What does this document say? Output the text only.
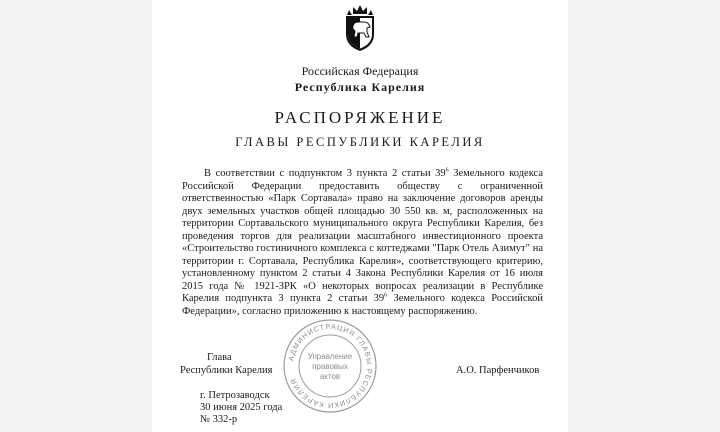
Российская Федерация
Республика Карелия
РАСПОРЯЖЕНИЕ
ГЛАВЫ РЕСПУБЛИКИ КАРЕЛИЯ
В соответствии с подпунктом 3 пункта 2 статьи $39^6$ Земельного кодекса Российской Федерации предоставить обществу с ограниченной ответственностью «Парк Сортавала» право на заключение договоров аренды двух земельных участков общей площадью 30 550 кв. м, расположенных на территории Сортавальского муниципального округа Республики Карелия, без проведения торгов для реализации масштабного инвестиционного проекта «Строительство гостиничного комплекса с коттеджами "Парк Отель Азимут" на территории г. Сортавала, Республика Карелия», соответствующего критерию, установленному пунктом 2 статьи 4 Закона Республики Карелия от 16 июля 2015 года № 1921-ЗРК «О некоторых вопросах реализации в Республике Карелия подпункта 3 пункта 2 статьи $39^6$ Земельного кодекса Российской Федерации», согласно приложению к настоящему распоряжению.
Глава
Республики Карелия	А.О. Парфенчиков
АДМИНИСТРАЦИЯ ГЛАВЫ РЕСПУБЛИКИ КАРЕЛИЯ
Управление
правовых
актов
г. Петрозаводск
30 июня 2025 года
№ 332-р
